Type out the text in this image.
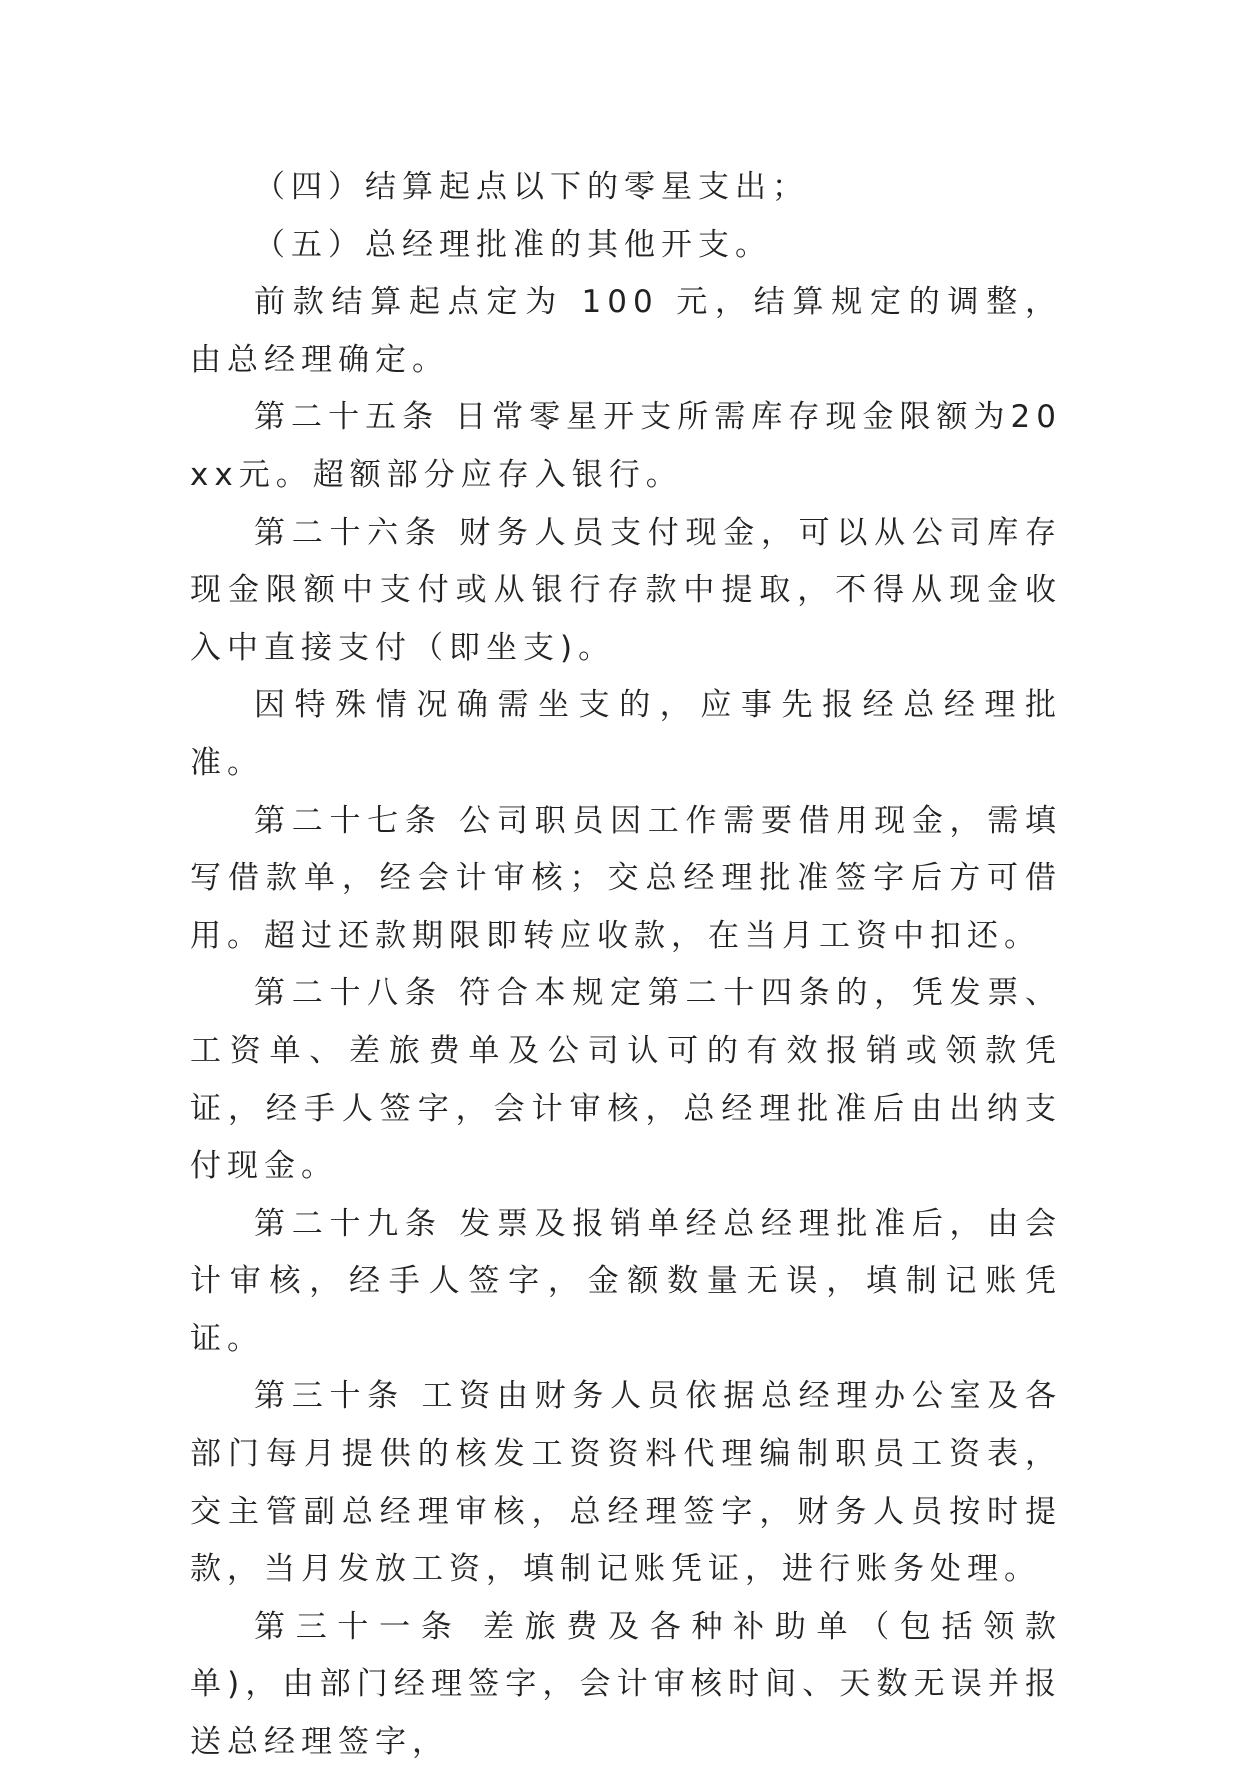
（四）结算起点以下的零星支出；

（五）总经理批准的其他开支。

前款结算起点定为 100 元，结算规定的调整，由总经理确定。

第二十五条 日常零星开支所需库存现金限额为20xx元。超额部分应存入银行。

第二十六条 财务人员支付现金，可以从公司库存现金限额中支付或从银行存款中提取，不得从现金收入中直接支付（即坐支)。

因特殊情况确需坐支的，应事先报经总经理批准。

第二十七条 公司职员因工作需要借用现金，需填写借款单，经会计审核；交总经理批准签字后方可借用。超过还款期限即转应收款，在当月工资中扣还。

第二十八条 符合本规定第二十四条的，凭发票、工资单、差旅费单及公司认可的有效报销或领款凭证，经手人签字，会计审核，总经理批准后由出纳支付现金。

第二十九条 发票及报销单经总经理批准后，由会计审核，经手人签字，金额数量无误，填制记账凭证。

第三十条 工资由财务人员依据总经理办公室及各部门每月提供的核发工资资料代理编制职员工资表，交主管副总经理审核，总经理签字，财务人员按时提款，当月发放工资，填制记账凭证，进行账务处理。

第三十一条 差旅费及各种补助单（包括领款单)，由部门经理签字，会计审核时间、天数无误并报送总经理签字，
